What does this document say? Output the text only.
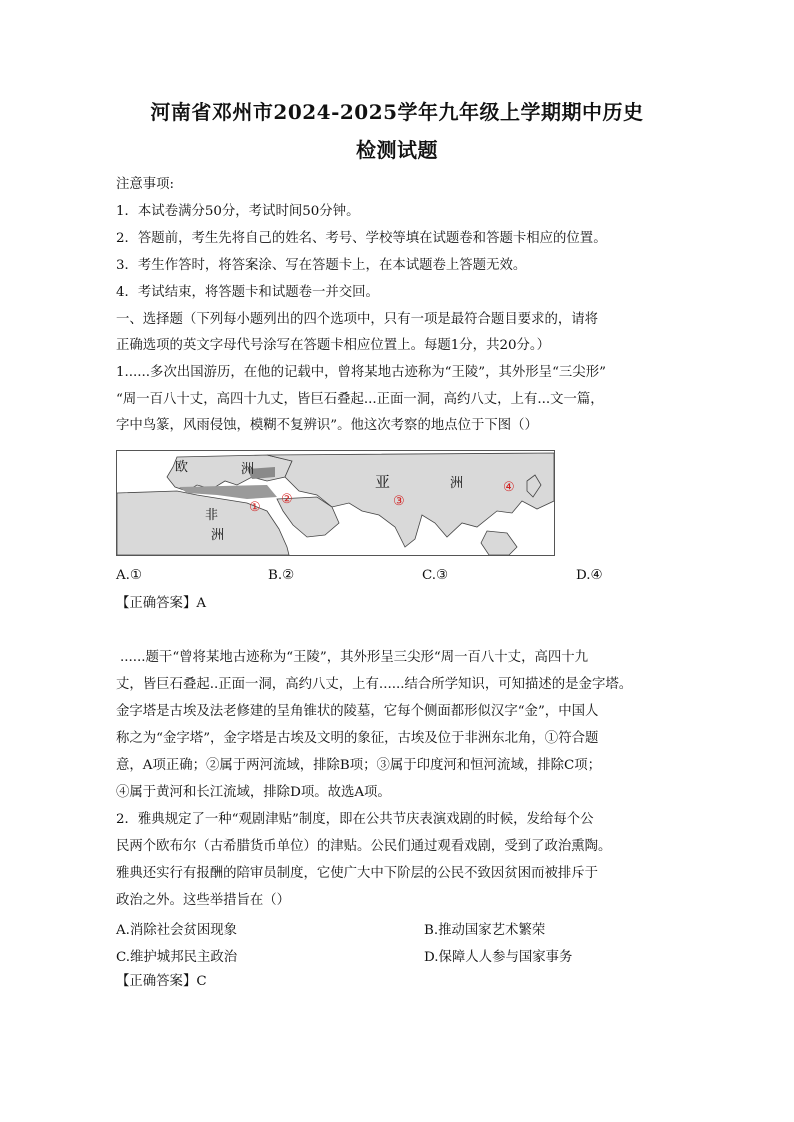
河南省邓州市2024-2025学年九年级上学期期中历史
检测试题
注意事项:
1．本试卷满分50分，考试时间50分钟。
2．答题前，考生先将自己的姓名、考号、学校等填在试题卷和答题卡相应的位置。
3．考生作答时，将答案涂、写在答题卡上，在本试题卷上答题无效。
4．考试结束，将答题卡和试题卷一并交回。
一、选择题（下列每小题列出的四个选项中，只有一项是最符合题目要求的，请将
正确选项的英文字母代号涂写在答题卡相应位置上。每题1分，共20分。）
1......多次出国游历，在他的记载中，曾将某地古迹称为“王陵”，其外形呈“三尖形”
“周一百八十丈，高四十九丈，皆巨石叠起...正面一洞，高约八丈，上有...文一篇，
字中鸟篆，风雨侵蚀，模糊不复辨识”。他这次考察的地点位于下图（）
欧	洲
亚	洲
非
洲
①
②	③
④
A.①	B.②	C.③	D.④
【正确答案】A
......题干“曾将某地古迹称为“王陵”，其外形呈三尖形“周一百八十丈，高四十九
丈，皆巨石叠起..正面一洞，高约八丈，上有......结合所学知识，可知描述的是金字塔。
金字塔是古埃及法老修建的呈角锥状的陵墓，它每个侧面都形似汉字“金”，中国人
称之为“金字塔”，金字塔是古埃及文明的象征，古埃及位于非洲东北角，①符合题
意，A项正确；②属于两河流域，排除B项；③属于印度河和恒河流域，排除C项；
④属于黄河和长江流域，排除D项。故选A项。
2．雅典规定了一种“观剧津贴”制度，即在公共节庆表演戏剧的时候，发给每个公
民两个欧布尔（古希腊货币单位）的津贴。公民们通过观看戏剧，受到了政治熏陶。
雅典还实行有报酬的陪审员制度，它使广大中下阶层的公民不致因贫困而被排斥于
政治之外。这些举措旨在（）
A.消除社会贫困现象	B.推动国家艺术繁荣
C.维护城邦民主政治	D.保障人人参与国家事务
【正确答案】C
